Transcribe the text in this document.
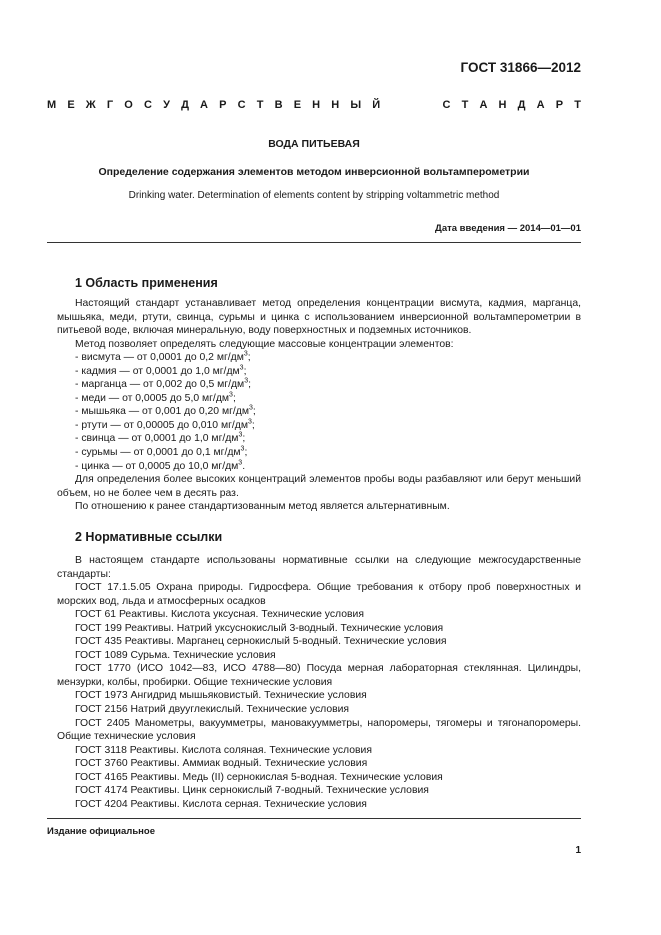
ГОСТ 31866—2012
М Е Ж Г О С У Д А Р С Т В Е Н Н Ы Й	С Т А Н Д А Р Т
ВОДА ПИТЬЕВАЯ
Определение содержания элементов методом инверсионной вольтамперометрии
Drinking water. Determination of elements content by stripping voltammetric method
Дата введения — 2014—01—01
1 Область применения

Настоящий стандарт устанавливает метод определения концентрации висмута, кадмия, марганца, мышьяка, меди, ртути, свинца, сурьмы и цинка с использованием инверсионной вольтамперометрии в питьевой воде, включая минеральную, воду поверхностных и подземных источников.

Метод позволяет определять следующие массовые концентрации элементов:

- висмута — от 0,0001 до 0,2 $мг/дм^3$;

- кадмия — от 0,0001 до 1,0 $мг/дм^3$;

- марганца — от 0,002 до 0,5 $мг/дм^3$;

- меди — от 0,0005 до 5,0 $мг/дм^3$;

- мышьяка — от 0,001 до 0,20 $мг/дм^3$;

- ртути — от 0,00005 до 0,010 $мг/дм^3$;

- свинца — от 0,0001 до 1,0 $мг/дм^3$;

- сурьмы — от 0,0001 до 0,1 $мг/дм^3$;

- цинка — от 0,0005 до 10,0 $мг/дм^3$.

Для определения более высоких концентраций элементов пробы воды разбавляют или берут меньший объем, но не более чем в десять раз.

По отношению к ранее стандартизованным метод является альтернативным.

2 Нормативные ссылки

В настоящем стандарте использованы нормативные ссылки на следующие межгосударственные стандарты:

ГОСТ 17.1.5.05 Охрана природы. Гидросфера. Общие требования к отбору проб поверхностных и морских вод, льда и атмосферных осадков

ГОСТ 61 Реактивы. Кислота уксусная. Технические условия

ГОСТ 199 Реактивы. Натрий уксуснокислый 3-водный. Технические условия

ГОСТ 435 Реактивы. Марганец сернокислый 5-водный. Технические условия

ГОСТ 1089 Сурьма. Технические условия

ГОСТ 1770 (ИСО 1042—83, ИСО 4788—80) Посуда мерная лабораторная стеклянная. Цилиндры, мензурки, колбы, пробирки. Общие технические условия

ГОСТ 1973 Ангидрид мышьяковистый. Технические условия

ГОСТ 2156 Натрий двууглекислый. Технические условия

ГОСТ 2405 Манометры, вакуумметры, мановакуумметры, напоромеры, тягомеры и тягонапоромеры. Общие технические условия

ГОСТ 3118 Реактивы. Кислота соляная. Технические условия

ГОСТ 3760 Реактивы. Аммиак водный. Технические условия

ГОСТ 4165 Реактивы. Медь (II) сернокислая 5-водная. Технические условия

ГОСТ 4174 Реактивы. Цинк сернокислый 7-водный. Технические условия

ГОСТ 4204 Реактивы. Кислота серная. Технические условия

Издание официальное
1
